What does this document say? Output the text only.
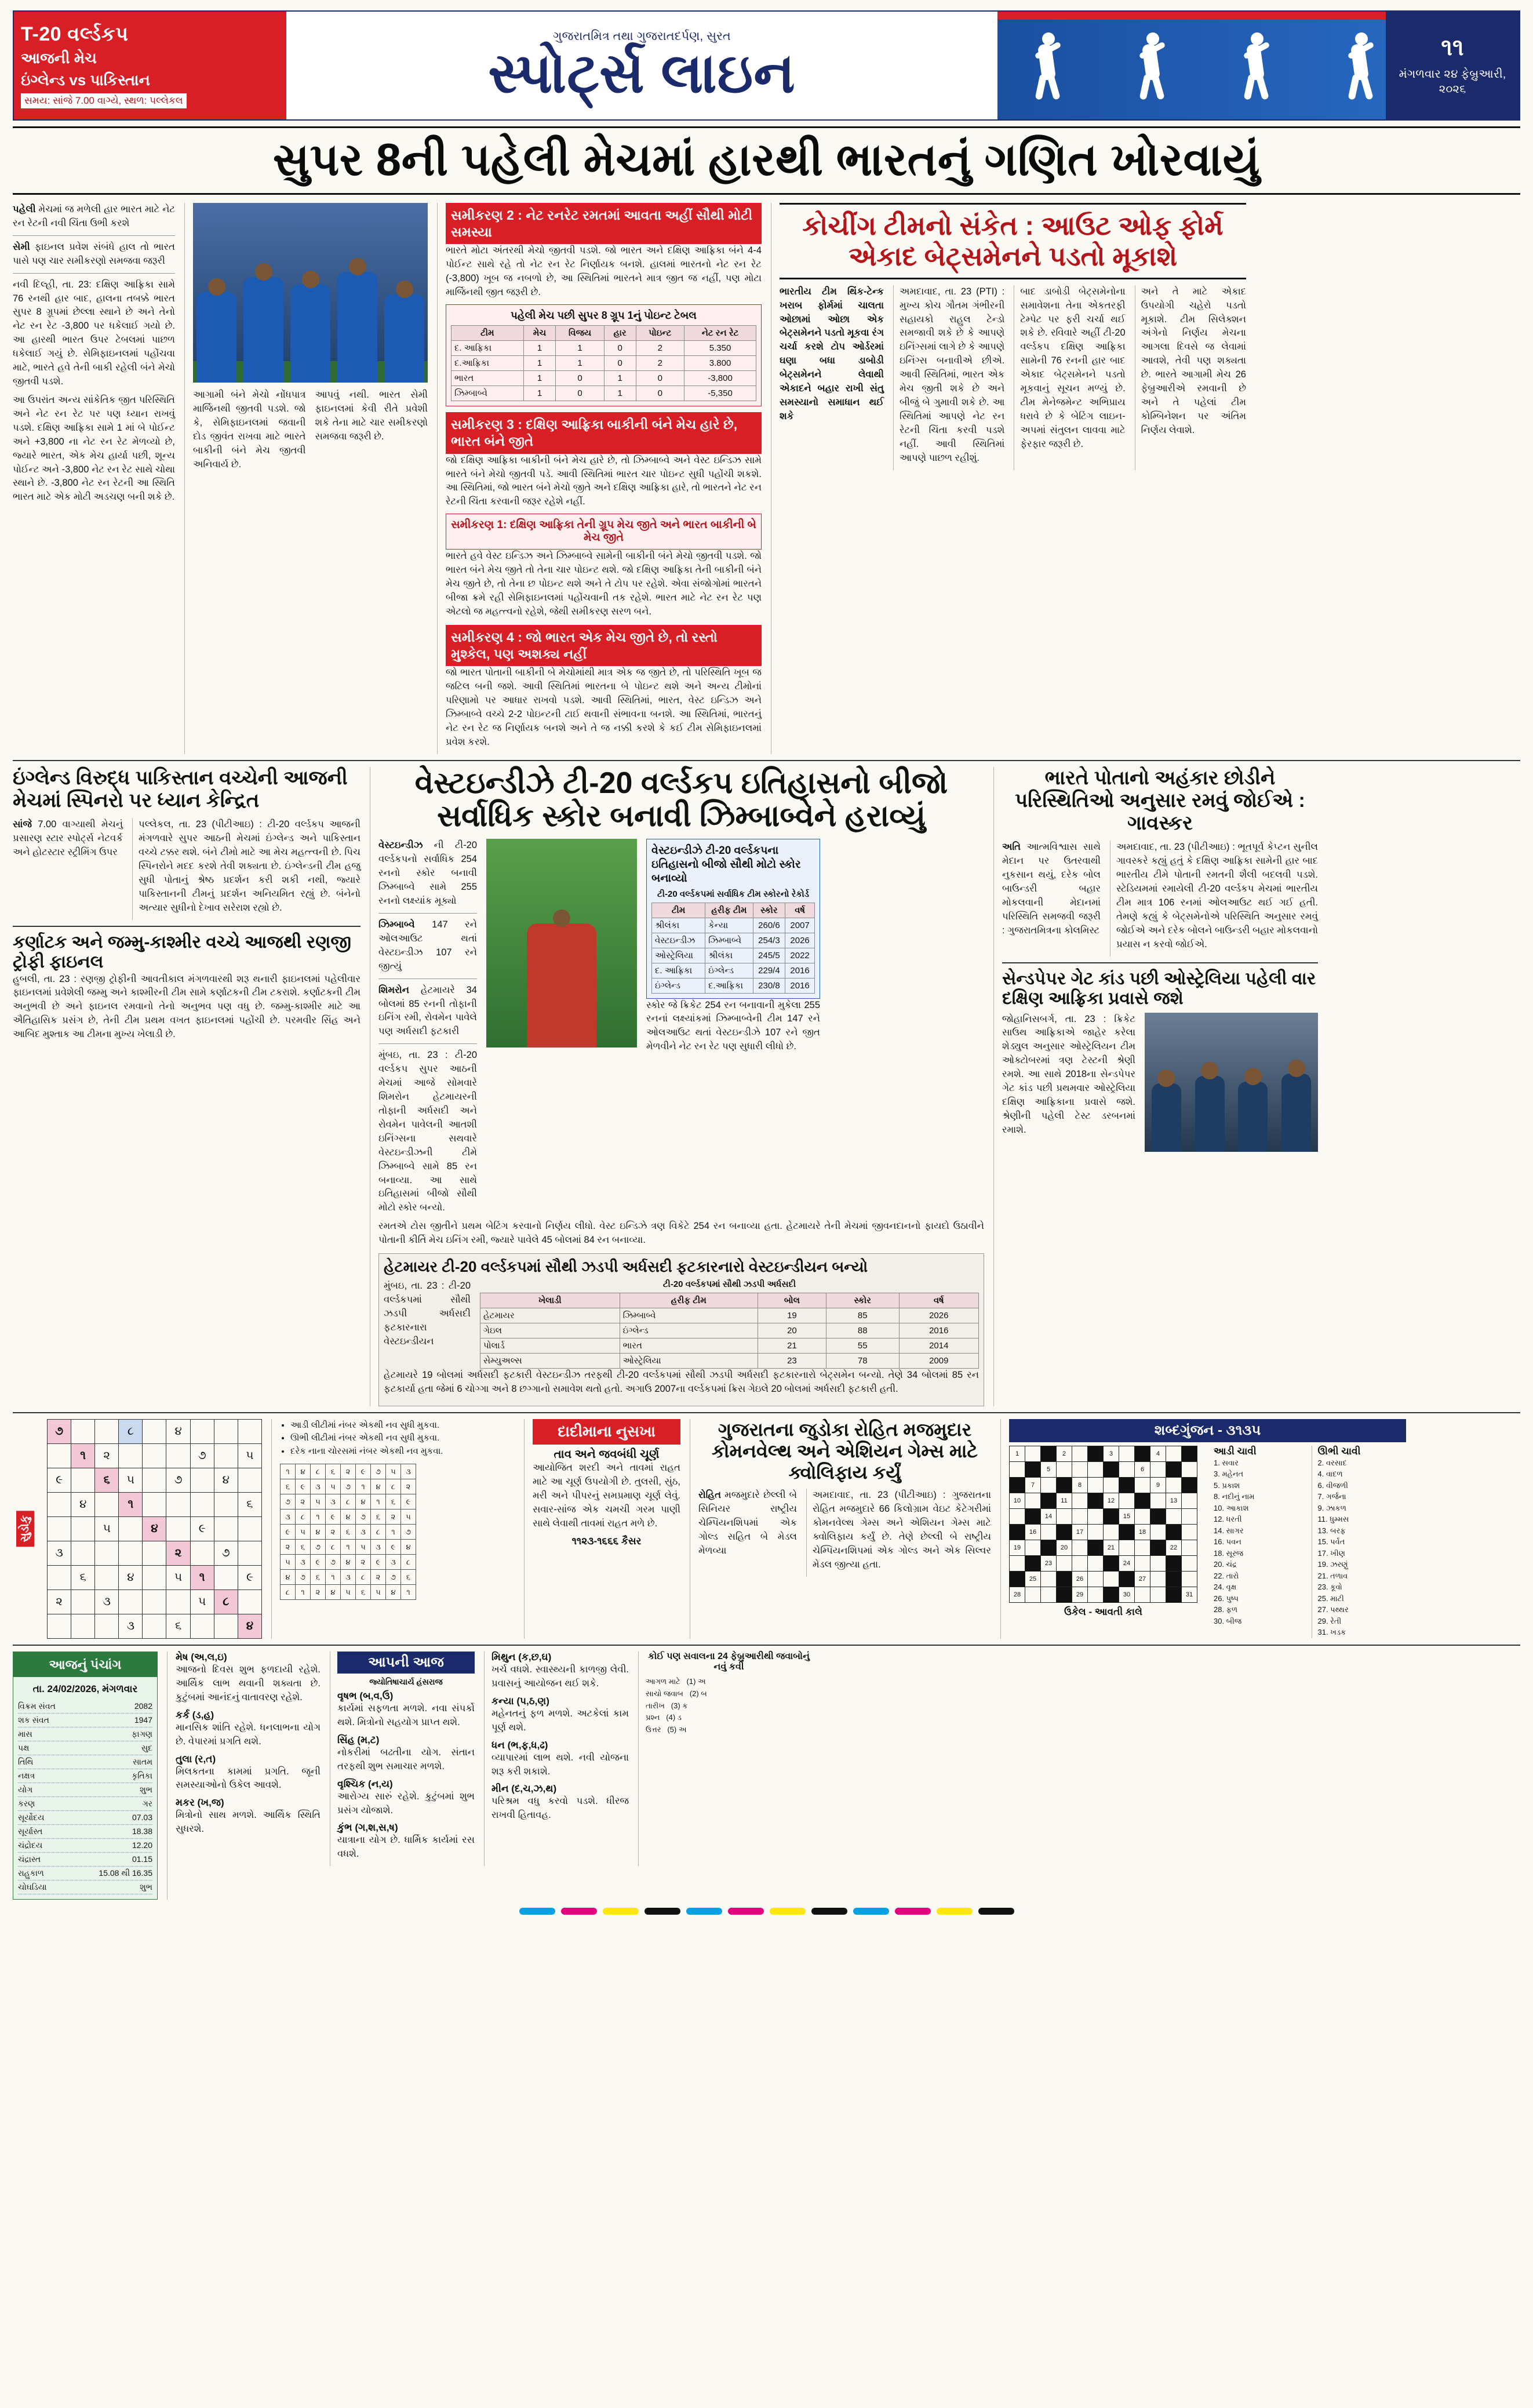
T-20 વર્લ્ડકપ
આજની મેચ
ઇંગ્લેન્ડ vs પાકિસ્તાન
સમય: સાંજે 7.00 વાગ્યે, સ્થળ: પલ્લેકલ
ગુજરાતમિત્ર તથા ગુજરાતદર્પણ, સુરત
સ્પોર્ટ્સ લાઇન	૧૧
મંગળવાર ૨૪ ફેબ્રુઆરી, ૨૦૨૬
સુપર 8ની પહેલી મેચમાં હારથી ભારતનું ગણિત ખોરવાયું

પહેલી મેચમાં જ મળેલી હાર ભારત માટે નેટ રન રેટની નવી ચિંતા ઉભી કરશે

સેમી ફાઇનલ પ્રવેશ સંબંધે હાલ તો ભારત પાસે પણ ચાર સમીકરણો સમજવા જરૂરી

નવી દિલ્હી, તા. 23: દક્ષિણ આફ્રિકા સામે 76 રનથી હાર બાદ, હાલના તબક્કે ભારત સુપર 8 ગ્રૂપમાં છેલ્લા સ્થાને છે અને તેનો નેટ રન રેટ -3,800 પર ધકેલાઈ ગયો છે. આ હારથી ભારત ઉપર ટેબલમાં પાછળ ધકેલાઈ ગયું છે. સેમિફાઇનલમાં પહોંચવા માટે, ભારતે હવે તેની બાકી રહેલી બંને મેચો જીતવી પડશે.

આ ઉપરાંત અન્ય સાંકેતિક જીત પરિસ્થિતિ અને નેટ રન રેટ પર પણ ધ્યાન રાખવું પડશે. દક્ષિણ આફ્રિકા સામે 1 માં બે પોઈન્ટ અને +3,800 ના નેટ રન રેટ મેળવ્યો છે, જ્યારે ભારત, એક મેચ હાર્યા પછી, શૂન્ય પોઈન્ટ અને -3,800 નેટ રન રેટ સાથે ચોથા સ્થાને છે. -3,800 નેટ રન રેટની આ સ્થિતિ ભારત માટે એક મોટી અડચણ બની શકે છે.

આગામી બંને મેચો નોંધપાત્ર માર્જિનથી જીતવી પડશે. જો કે, સેમિફાઇનલમાં જવાની દોડ જીવંત રાખવા માટે ભારતે બાકીની બંને મેચ જીતવી અનિવાર્ય છે.

આપવું નથી. ભારત સેમી ફાઇનલમાં કેવી રીતે પ્રવેશી શકે તેના માટે ચાર સમીકરણો સમજવા જરૂરી છે.

સમીકરણ 2 : નેટ રનરેટ રમતમાં આવતા અહીં સૌથી મોટી સમસ્યા

ભારતે મોટા અંતરથી મેચો જીતવી પડશે. જો ભારત અને દક્ષિણ આફ્રિકા બંને 4-4 પોઈન્ટ સાથે રહે તો નેટ રન રેટ નિર્ણાયક બનશે. હાલમાં ભારતનો નેટ રન રેટ (-3,800) ખૂબ જ નબળો છે, આ સ્થિતિમાં ભારતને માત્ર જીત જ નહીં, પણ મોટા માર્જિનથી જીત જરૂરી છે.

પહેલી મેચ પછી સુપર 8 ગ્રૂપ 1નું પોઇન્ટ ટેબલ
ટીમ	મેચ	વિજય	હાર	પોઇન્ટ	નેટ રન રેટ
દ. આફ્રિકા	1	1	0	2	5.350
દ.આફ્રિકા	1	1	0	2	3.800
ભારત	1	0	1	0	-3,800
ઝિમ્બાબ્વે	1	0	1	0	-5,350
સમીકરણ 3 : દક્ષિણ આફ્રિકા બાકીની બંને મેચ હારે છે, ભારત બંને જીતે

જો દક્ષિણ આફ્રિકા બાકીની બંને મેચ હારે છે, તો ઝિમ્બાબ્વે અને વેસ્ટ ઇન્ડિઝ સામે ભારતે બંને મેચો જીતવી પડે. આવી સ્થિતિમાં ભારત ચાર પોઇન્ટ સુધી પહોંચી શકશે. આ સ્થિતિમાં, જો ભારત બંને મેચો જીતે અને દક્ષિણ આફ્રિકા હારે, તો ભારતને નેટ રન રેટની ચિંતા કરવાની જરૂર રહેશે નહીં.

સમીકરણ 1: દક્ષિણ આફ્રિકા તેની ગ્રૂપ મેચ જીતે અને ભારત બાકીની બે મેચ જીતે

ભારતે હવે વેસ્ટ ઇન્ડિઝ અને ઝિમ્બાબ્વે સામેની બાકીની બંને મેચો જીતવી પડશે. જો ભારત બંને મેચ જીતે તો તેના ચાર પોઇન્ટ થશે. જો દક્ષિણ આફ્રિકા તેની બાકીની બંને મેચ જીતે છે, તો તેના છ પોઇન્ટ થશે અને તે ટોપ પર રહેશે. એવા સંજોગોમાં ભારતને બીજા ક્રમે રહી સેમિફાઇનલમાં પહોંચવાની તક રહેશે. ભારત માટે નેટ રન રેટ પણ એટલો જ મહત્ત્વનો રહેશે, જેથી સમીકરણ સરળ બને.

સમીકરણ 4 : જો ભારત એક મેચ જીતે છે, તો રસ્તો મુશ્કેલ, પણ અશક્ય નહીં

જો ભારત પોતાની બાકીની બે મેચોમાંથી માત્ર એક જ જીતે છે, તો પરિસ્થિતિ ખૂબ જ જટિલ બની જશે. આવી સ્થિતિમાં ભારતના બે પોઇન્ટ થશે અને અન્ય ટીમોનાં પરિણામો પર આધાર રાખવો પડશે. આવી સ્થિતિમાં, ભારત, વેસ્ટ ઇન્ડિઝ અને ઝિમ્બાબ્વે વચ્ચે 2-2 પોઇન્ટની ટાઈ થવાની સંભાવના બનશે. આ સ્થિતિમાં, ભારતનું નેટ રન રેટ જ નિર્ણાયક બનશે અને તે જ નક્કી કરશે કે કઈ ટીમ સેમિફાઇનલમાં પ્રવેશ કરશે.

કોચીંગ ટીમનો સંકેત : આઉટ ઓફ ફોર્મ એકાદ બેટ્સમેનને પડતો મૂકાશે

ભારતીય ટીમ થિંક-ટેન્ક ખરાબ ફોર્મમાં ચાલતા ઓછામાં ઓછા એક બેટ્સમેનને પડતો મૂકવા રંગ ચર્ચા કરશે ટોપ ઓર્ડરમાં ઘણા બધા ડાબોડી બેટ્સમેનને લેવાથી એકાદને બહાર રાખી સંતુ સમસ્યાનો સમાધાન થઈ શકે

અમદાવાદ, તા. 23 (PTI) : મુખ્ય કોચ ગૌતમ ગંભીરની સહાયકો રાહુલ ટેન્ડો સમજાવી શકે છે કે આપણે ઇનિંગ્સમાં લાગે છે કે આપણે ઇનિંગ્સ બનાવીએ છીએ. આવી સ્થિતિમાં, ભારત એક મેચ જીતી શકે છે અને બીજું બે ગુમાવી શકે છે. આ સ્થિતિમાં આપણે નેટ રન રેટની ચિંતા કરવી પડશે નહીં. આવી સ્થિતિમાં આપણે પાછળ રહીશું.

બાદ ડાબોડી બેટ્સમેનોના સમાવેશના તેના એકતરફી ટેમ્પેટ પર ફરી ચર્ચા થઈ શકે છે. રવિવારે અહીં ટી-20 વર્લ્ડકપ દક્ષિણ આફ્રિકા સામેની 76 રનની હાર બાદ એકાદ બેટ્સમેનને પડતો મૂકવાનું સૂચન મળ્યું છે. ટીમ મેનેજમેન્ટ અભિપ્રાય ધરાવે છે કે બેટિંગ લાઇન-અપમાં સંતુલન લાવવા માટે ફેરફાર જરૂરી છે.

અને તે માટે એકાદ ઉપયોગી ચહેરો પડતો મૂકાશે. ટીમ સિલેક્શન અંગેનો નિર્ણય મેચના આગલા દિવસે જ લેવામાં આવશે, તેવી પણ શક્યતા છે. ભારતે આગામી મેચ 26 ફેબ્રુઆરીએ રમવાની છે અને તે પહેલાં ટીમ કોમ્બિનેશન પર અંતિમ નિર્ણય લેવાશે.

ઇંગ્લેન્ડ વિરુદ્ધ પાકિસ્તાન વચ્ચેની આજની મેચમાં સ્પિનરો પર ધ્યાન કેન્દ્રિત

સાંજે 7.00 વાગ્યાથી મેચનું પ્રસારણ સ્ટાર સ્પોર્ટ્સ નેટવર્ક અને હોટસ્ટાર સ્ટ્રીમિંગ ઉપર

પલ્લેકલ, તા. 23 (પીટીઆઇ) : ટી-20 વર્લ્ડકપ આજની મંગળવારે સુપર આઠની મેચમાં ઇંગ્લેન્ડ અને પાકિસ્તાન વચ્ચે ટક્કર થશે. બંને ટીમો માટે આ મેચ મહત્ત્વની છે. પિચ સ્પિનરોને મદદ કરશે તેવી શક્યતા છે. ઇંગ્લેન્ડની ટીમ હજુ સુધી પોતાનું શ્રેષ્ઠ પ્રદર્શન કરી શકી નથી, જ્યારે પાકિસ્તાનની ટીમનું પ્રદર્શન અનિયમિત રહ્યું છે. બંનેનો અત્યાર સુધીનો દેખાવ સરેરાશ રહ્યો છે.

કર્ણાટક અને જમ્મુ-કાશ્મીર વચ્ચે આજથી રણજી ટ્રોફી ફાઇનલ

હુબલી, તા. 23 : રણજી ટ્રોફીની આવતીકાલ મંગળવારથી શરૂ થનારી ફાઇનલમાં પહેલીવાર ફાઇનલમાં પ્રવેશેલી જમ્મુ અને કાશ્મીરની ટીમ સામે કર્ણાટકની ટીમ ટકરાશે. કર્ણાટકની ટીમ અનુભવી છે અને ફાઇનલ રમવાનો તેનો અનુભવ પણ વધુ છે. જમ્મુ-કાશ્મીર માટે આ ઐતિહાસિક પ્રસંગ છે, તેની ટીમ પ્રથમ વખત ફાઇનલમાં પહોંચી છે. પરમવીર સિંહ અને આબિદ મુશ્તાક આ ટીમના મુખ્ય ખેલાડી છે.

વેસ્ટઇન્ડીઝે ટી-20 વર્લ્ડકપ ઇતિહાસનો બીજો સર્વાધિક સ્કોર બનાવી ઝિમ્બાબ્વેને હરાવ્યું

વેસ્ટઇન્ડીઝ ની ટી-20 વર્લ્ડકપનો સર્વાધિક 254 રનનો સ્કોર બનાવી ઝિમ્બાબ્વે સામે 255 રનનો લક્ષ્યાંક મૂક્યો

ઝિમ્બાબ્વે 147 રને ઓલઆઉટ થતાં વેસ્ટઇન્ડીઝ 107 રને જીત્યું

શિમરોન હેટમાયરે 34 બોલમાં 85 રનની તોફાની ઇનિંગ રમી, રોવમેન પાવેલે પણ અર્ધસદી ફટકારી

મુંબઇ, તા. 23 : ટી-20 વર્લ્ડકપ સુપર આઠની મેચમાં આજે સોમવારે શિમરોન હેટમાયરની તોફાની અર્ધસદી અને રોવમેન પાવેલની આતશી ઇનિંગ્સના સથવારે વેસ્ટઇન્ડીઝની ટીમે ઝિમ્બાબ્વે સામે 85 રન બનાવ્યા. આ સાથે ઇતિહાસમાં બીજો સૌથી મોટો સ્કોર બન્યો.

વેસ્ટઇન્ડીઝે ટી-20 વર્લ્ડકપના ઇતિહાસનો બીજો સૌથી મોટો સ્કોર બનાવ્યો
ટી-20 વર્લ્ડકપમાં સર્વાધિક ટીમ સ્કોરનો રેકોર્ડ
ટીમ	હરીફ ટીમ	સ્કોર	વર્ષ
શ્રીલંકા	કેન્યા	260/6	2007
વેસ્ટઇન્ડીઝ	ઝિમ્બાબ્વે	254/3	2026
ઓસ્ટ્રેલિયા	શ્રીલંકા	245/5	2022
દ. આફ્રિકા	ઇંગ્લેન્ડ	229/4	2016
ઇંગ્લેન્ડ	દ.આફ્રિકા	230/8	2016

સ્કોર જે ક્રિકેટ 254 રન બનાવાની મુકેલા 255 રનનાં લક્ષ્યાંકમાં ઝિમ્બાબ્વેની ટીમ 147 રને ઓલઆઉટ થતાં વેસ્ટઇન્ડીઝે 107 રને જીત મેળવીને નેટ રન રેટ પણ સુધારી લીધો છે.

રમતએ ટોસ જીતીને પ્રથમ બેટિંગ કરવાનો નિર્ણય લીધો. વેસ્ટ ઇન્ડિઝે ત્રણ વિકેટે 254 રન બનાવ્યા હતા. હેટમાયરે તેની મેચમાં જીવનદાનનો ફાયદો ઉઠાવીને પોતાની કીર્તિ મેચ ઇનિંગ રમી, જ્યારે પાવેલે 45 બોલમાં 84 રન બનાવ્યા.

હેટમાયર ટી-20 વર્લ્ડકપમાં સૌથી ઝડપી અર્ધસદી ફટકારનારો વેસ્ટઇન્ડીયન બન્યો

મુંબઇ, તા. 23 : ટી-20 વર્લ્ડકપમાં સૌથી ઝડપી અર્ધસદી ફટકારનારા વેસ્ટઇન્ડીયન

ટી-20 વર્લ્ડકપમાં સૌથી ઝડપી અર્ધસદી
ખેલાડી	હરીફ ટીમ	બોલ	સ્કોર	વર્ષ
હેટમાયર	ઝિમ્બાબ્વે	19	85	2026
ગેઇલ	ઇંગ્લેન્ડ	20	88	2016
પોલાર્ડ	ભારત	21	55	2014
સેમ્યુઅલ્સ	ઓસ્ટ્રેલિયા	23	78	2009

હેટમાયરે 19 બોલમાં અર્ધસદી ફટકારી વેસ્ટઇન્ડીઝ તરફથી ટી-20 વર્લ્ડકપમાં સૌથી ઝડપી અર્ધસદી ફટકારનારો બેટ્સમેન બન્યો. તેણે 34 બોલમાં 85 રન ફટકાર્યા હતા જેમાં 6 ચોગ્ગા અને 8 છગ્ગાનો સમાવેશ થતો હતો. અગાઉ 2007ના વર્લ્ડકપમાં ક્રિસ ગેઇલે 20 બોલમાં અર્ધસદી ફટકારી હતી.

ભારતે પોતાનો અહંકાર છોડીને પરિસ્થિતિઓ અનુસાર રમવું જોઈએ : ગાવસ્કર

અતિ આત્મવિશ્વાસ સાથે મેદાન પર ઉતરવાથી નુકસાન થયું, દરેક બોલ બાઉન્ડરી બહાર મોકલવાની મેદાનમાં પરિસ્થિતિ સમજવી જરૂરી : ગુજરાતમિત્રના કોલમિસ્ટ

અમદાવાદ, તા. 23 (પીટીઆઇ) : ભૂતપૂર્વ કેપ્ટન સુનીલ ગાવસ્કરે કહ્યું હતું કે દક્ષિણ આફ્રિકા સામેની હાર બાદ ભારતીય ટીમે પોતાની રમતની શૈલી બદલવી પડશે. સ્ટેડિયમમાં રમાયેલી ટી-20 વર્લ્ડકપ મેચમાં ભારતીય ટીમ માત્ર 106 રનમાં ઓલઆઉટ થઈ ગઈ હતી. તેમણે કહ્યું કે બેટ્સમેનોએ પરિસ્થિતિ અનુસાર રમવું જોઈએ અને દરેક બોલને બાઉન્ડરી બહાર મોકલવાનો પ્રયાસ ન કરવો જોઈએ.

સેન્ડપેપર ગેટ કાંડ પછી ઓસ્ટ્રેલિયા પહેલી વાર દક્ષિણ આફ્રિકા પ્રવાસે જશે

જોહાનિસબર્ગ, તા. 23 : ક્રિકેટ સાઉથ આફ્રિકાએ જાહેર કરેલા શેડ્યુલ અનુસાર ઓસ્ટ્રેલિયન ટીમ ઓક્ટોબરમાં ત્રણ ટેસ્ટની શ્રેણી રમશે. આ સાથે 2018ના સેન્ડપેપર ગેટ કાંડ પછી પ્રથમવાર ઓસ્ટ્રેલિયા દક્ષિણ આફ્રિકાના પ્રવાસે જશે. શ્રેણીની પહેલી ટેસ્ટ ડરબનમાં રમાશે.

સુડોકુ
૭			૮		૪			
	૧	૨				૭		૫
૯		૬	૫		૭		૪	
	૪		૧					૬
		૫		૪		૯		
૩					૨		૭	
	૬		૪		૫	૧		૯
૨		૩				૫	૮	
			૩		૬			૪
• આડી લીટીમાં નંબર એકથી નવ સુધી મુકવા.
• ઊભી લીટીમાં નંબર એકથી નવ સુધી મુકવા.
• દરેક નાના ચોરસમાં નંબર એકથી નવ મુકવા.
૧	૪	૮	૬	૨	૯	૭	૫	૩
૬	૯	૩	૫	૭	૧	૪	૮	૨
૭	૨	૫	૩	૮	૪	૧	૬	૯
૩	૮	૧	૯	૪	૭	૬	૨	૫
૯	૫	૪	૨	૬	૩	૮	૧	૭
૨	૬	૭	૮	૧	૫	૩	૯	૪
૫	૩	૯	૭	૪	૨	૯	૩	૮
૪	૭	૬	૧	૩	૮	૨	૭	૬
૮	૧	૨	૪	૫	૬	૫	૪	૧
દાદીમાના નુસખા
તાવ અને જવબંધી ચૂર્ણ

આયોજિત શરદી અને તાવમાં રાહત માટે આ ચૂર્ણ ઉપયોગી છે. તુલસી, સુંઠ, મરી અને પીપરનું સમપ્રમાણ ચૂર્ણ લેવું. સવાર-સાંજ એક ચમચી ગરમ પાણી સાથે લેવાથી તાવમાં રાહત મળે છે.

૧૧૨૩-૧૬૬૬ કૈસર
ગુજરાતના જુડોકા રોહિત મજમુદાર કોમનવેલ્થ અને એશિયન ગેમ્સ માટે ક્વોલિફાય કર્યું

રોહિત મજમુદારે છેલ્લી બે સિનિયર રાષ્ટ્રીય ચેમ્પિયનશિપમાં એક ગોલ્ડ સહિત બે મેડલ મેળવ્યા

અમદાવાદ, તા. 23 (પીટીઆઇ) : ગુજરાતના રોહિત મજમુદારે 66 કિલોગ્રામ વેઇટ કેટેગરીમાં કોમનવેલ્થ ગેમ્સ અને એશિયન ગેમ્સ માટે ક્વોલિફાય કર્યું છે. તેણે છેલ્લી બે રાષ્ટ્રીય ચેમ્પિયનશિપમાં એક ગોલ્ડ અને એક સિલ્વર મેડલ જીત્યા હતા.

શબ્દગુંજન - ૩૧૩૫
1			2			3			4		
		5						6			
	7			8					9		
10			11			12				13	
		14					15				
	16			17				18			
19			20			21				22	
		23					24				
	25			26				27			
28				29			30				31
ઉકેલ - આવતી કાલે
આડી ચાવી
1. સવાર
3. મહેનત
5. પ્રકાશ
8. નદીનું નામ
10. આકાશ
12. ધરતી
14. સાગર
16. પવન
18. સૂરજ
20. ચંદ્ર
22. તારો
24. વૃક્ષ
26. પુષ્પ
28. ફળ
30. બીજ
ઊભી ચાવી
2. વરસાદ
4. વાદળ
6. વીજળી
7. ગર્જના
9. ઝાકળ
11. ધુમ્મસ
13. બરફ
15. પર્વત
17. ખીણ
19. ઝરણું
21. તળાવ
23. કૂવો
25. માટી
27. પથ્થર
29. રેતી
31. ખડક
આજનું પંચાંગ
તા. 24/02/2026, મંગળવાર
વિક્રમ સંવત	2082
શક સંવત	1947
માસ	ફાગણ
પક્ષ	સુદ
તિથિ	સાતમ
નક્ષત્ર	કૃતિકા
યોગ	શુભ
કરણ	ગર
સૂર્યોદય	07.03
સૂર્યાસ્ત	18.38
ચંદ્રોદય	12.20
ચંદ્રાસ્ત	01.15
રાહુકાળ	15.08 થી 16.35
ચોઘડિયા	શુભ
મેષ (અ,લ,ઇ)

આજનો દિવસ શુભ ફળદાયી રહેશે. આર્થિક લાભ થવાની શક્યતા છે. કુટુંબમાં આનંદનું વાતાવરણ રહેશે.

કર્ક (ડ,હ)

માનસિક શાંતિ રહેશે. ધનલાભના યોગ છે. વેપારમાં પ્રગતિ થશે.

તુલા (ર,ત)

મિલકતના કામમાં પ્રગતિ. જૂની સમસ્યાઓનો ઉકેલ આવશે.

મકર (ખ,જ)

મિત્રોનો સાથ મળશે. આર્થિક સ્થિતિ સુધરશે.

આપની આજ
જ્યોતિષાચાર્ય હંસરાજ
વૃષભ (બ,વ,ઉ)

કાર્યમાં સફળતા મળશે. નવા સંપર્કો થશે. મિત્રોનો સહયોગ પ્રાપ્ત થશે.

સિંહ (મ,ટ)

નોકરીમાં બઢતીના યોગ. સંતાન તરફથી શુભ સમાચાર મળશે.

વૃશ્ચિક (ન,ય)

આરોગ્ય સારું રહેશે. કુટુંબમાં શુભ પ્રસંગ યોજાશે.

કુંભ (ગ,શ,સ,ષ)

યાત્રાના યોગ છે. ધાર્મિક કાર્યમાં રસ વધશે.

મિથુન (ક,છ,ઘ)

ખર્ચ વધશે. સ્વાસ્થ્યની કાળજી લેવી. પ્રવાસનું આયોજન થઈ શકે.

કન્યા (પ,ઠ,ણ)

મહેનતનું ફળ મળશે. અટકેલાં કામ પૂર્ણ થશે.

ધન (ભ,ફ,ધ,ઢ)

વ્યાપારમાં લાભ થશે. નવી યોજના શરૂ કરી શકાશે.

મીન (દ,ચ,ઝ,થ)

પરિશ્રમ વધુ કરવો પડશે. ધીરજ રાખવી હિતાવહ.

કોઈ પણ સવાલના 24 ફેબ્રુઆરીથી જવાબોનું નવું કવી
આગળ માટે   (1) અ
સાચો જવાબ   (2) બ
તારીખ   (3) ક
પ્રશ્ન   (4) ડ
ઉત્તર   (5) અ
